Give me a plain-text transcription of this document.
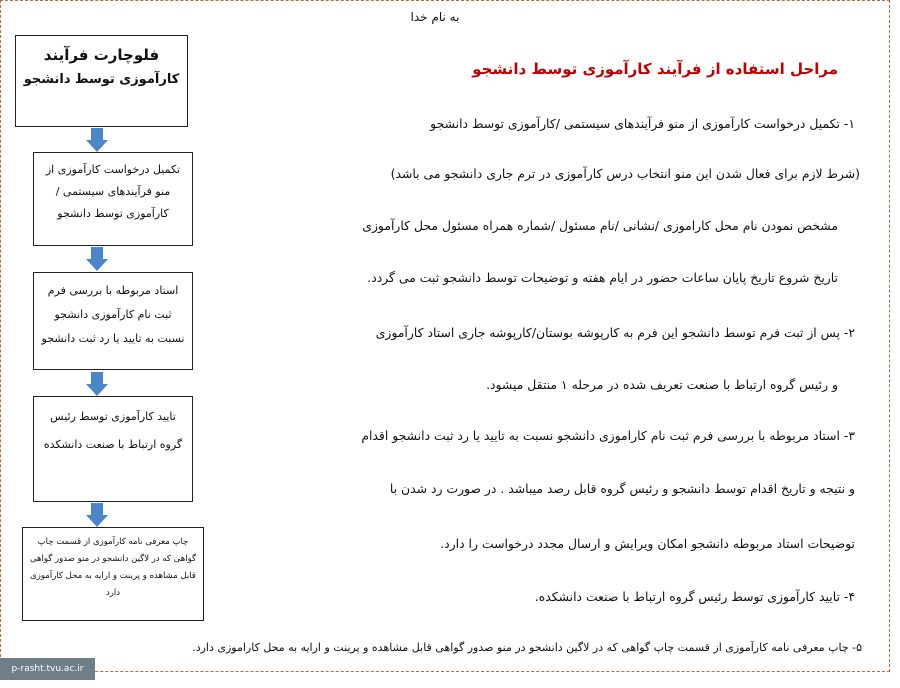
به نام خدا
فلوچارت فرآیند
کارآموزی توسط دانشجو
تکمیل درخواست کارآموزی از منو فرآیندهای سیستمی /کارآموزی توسط دانشجو
استاد مربوطه با بررسی فرم ثبت نام کارآموزی دانشجو نسبت به تایید یا رد ثبت دانشجو
تایید کارآموزی توسط رئیس گروه ارتباط با صنعت دانشکده
چاپ معرفی نامه کارآموزی از قسمت چاپ گواهی که در لاگین دانشجو در منو صدور گواهی قابل مشاهده و پرینت و ارایه به محل کارآموزی دارد
مراحل استفاده از فرآیند کارآموزی توسط دانشجو
۱- تکمیل درخواست کارآموزی از منو فرآیندهای سیستمی /کارآموزی توسط دانشجو
(شرط لازم برای فعال شدن این منو انتخاب درس کارآموزی در ترم جاری دانشجو می باشد)
مشخص نمودن نام محل کاراموزی /نشانی /نام مسئول /شماره همراه مسئول محل کارآموزی
تاریخ شروع تاریخ پایان ساعات حضور در ایام هفته و توضیحات توسط دانشجو ثبت می گردد.
۲- پس از ثبت فرم توسط دانشجو این فرم به کارپوشه بوستان/کارپوشه جاری استاد کارآموزی
و رئیس گروه ارتباط با صنعت تعریف شده در مرحله ۱ منتقل میشود.
۳- استاد مربوطه با بررسی فرم ثبت نام کاراموزی دانشجو نسبت به تایید یا رد ثبت دانشجو اقدام
و نتیجه و تاریخ اقدام توسط دانشجو و رئیس گروه قابل رصد میباشد . در صورت رد شدن با
توضیحات استاد مربوطه دانشجو امکان ویرایش و ارسال مجدد درخواست را دارد.
۴- تایید کارآموزی توسط رئیس گروه ارتباط با صنعت دانشکده.
۵- چاپ معرفی نامه کارآموزی از قسمت چاپ گواهی که در لاگین دانشجو در منو صدور گواهی قابل مشاهده و پرینت و ارایه به محل کاراموزی دارد.
p-rasht.tvu.ac.ir
